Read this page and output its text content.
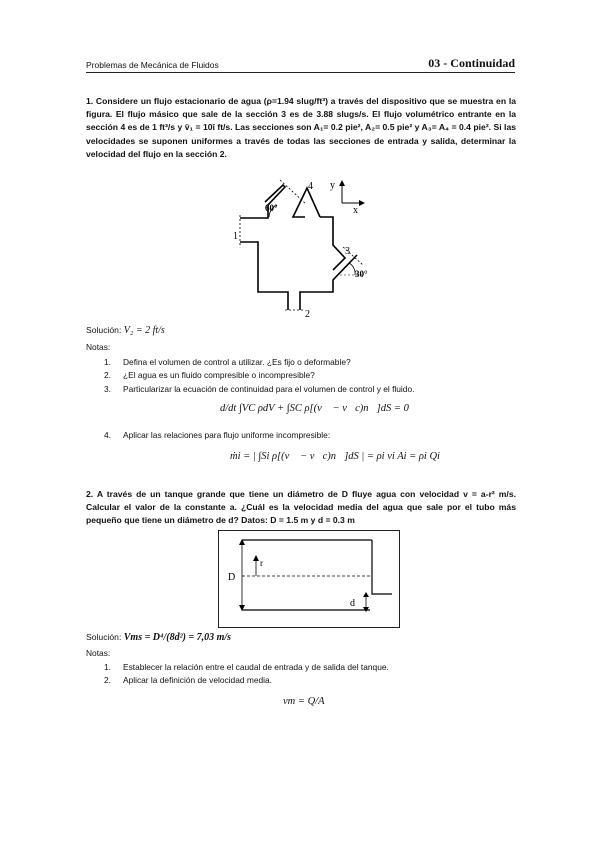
Problemas de Mecánica de Fluidos	03 - Continuidad
1. Considere un flujo estacionario de agua (ρ=1.94 slug/ft³) a través del dispositivo que se muestra en la figura. El flujo másico que sale de la sección 3 es de 3.88 slugs/s. El flujo volumétrico entrante en la sección 4 es de 1 ft³/s y v̄₁ = 10î ft/s. Las secciones son A₁= 0.2 pie², A₂= 0.5 pie² y A₃= A₄ = 0.4 pie². Si las velocidades se suponen uniformes a través de todas las secciones de entrada y salida, determinar la velocidad del flujo en la sección 2.
60°
30°
1
2
3
4 y
x
Solución: V₂ = 2 ft/s
Notas:
1. Defina el volumen de control a utilizar. ¿Es fijo o deformable?
2. ¿El agua es un fluido compresible o incompresible?
3. Particularizar la ecuación de continuidad para el volumen de control y el fluido.
d/dt ∫VC ρdV + ∫SC ρ[(v⃗ − v⃗c)n⃗]dS = 0
4. Aplicar las relaciones para flujo uniforme incompresible:
ṁi = | ∫Si ρ[(v⃗ − v⃗c)n⃗]dS | = ρi vi Ai = ρi Qi
2. A través de un tanque grande que tiene un diámetro de D fluye agua con velocidad v = a-r² m/s. Calcular el valor de la constante a. ¿Cuál es la velocidad media del agua que sale por el tubo más pequeño que tiene un diámetro de d? Datos: D = 1.5 m y d = 0.3 m
D
r
d
Solución: Vms = D⁴/(8d²) = 7,03 m/s
Notas:
1. Establecer la relación entre el caudal de entrada y de salida del tanque.
2. Aplicar la definición de velocidad media.
vm = Q/A
